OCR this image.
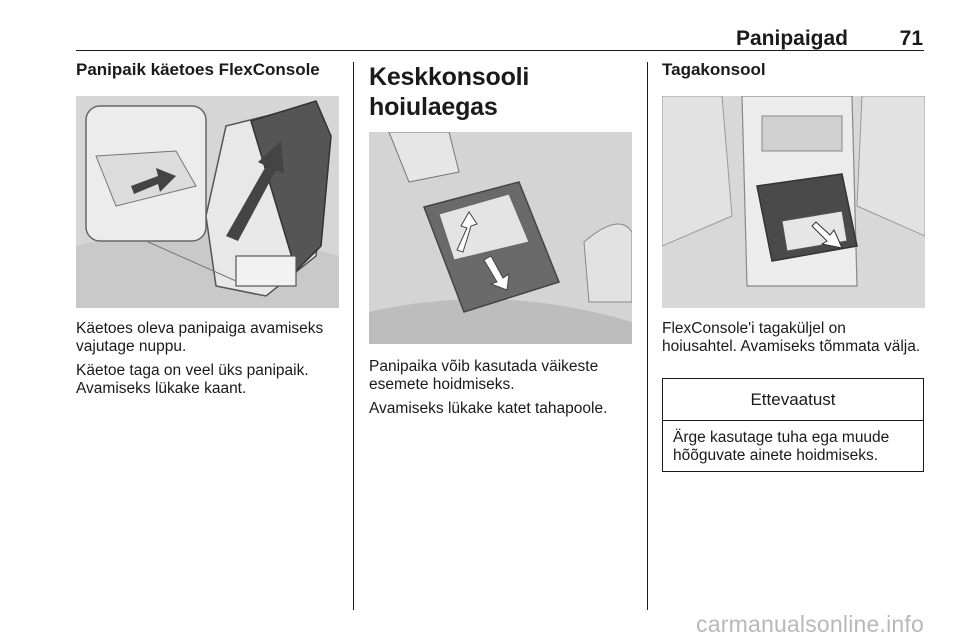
Panipaigad 71
Panipaik käetoes FlexConsole

Käetoes oleva panipaiga avamiseks vajutage nuppu.

Käetoe taga on veel üks panipaik. Avamiseks lükake kaant.

Keskkonsooli hoiulaegas

Panipaika võib kasutada väikeste esemete hoidmiseks.

Avamiseks lükake katet tahapoole.

Tagakonsool

FlexConsole'i tagaküljel on hoiusahtel. Avamiseks tõmmata välja.

Ettevaatust
Ärge kasutage tuha ega muude hõõguvate ainete hoidmiseks.
carmanualsonline.info
